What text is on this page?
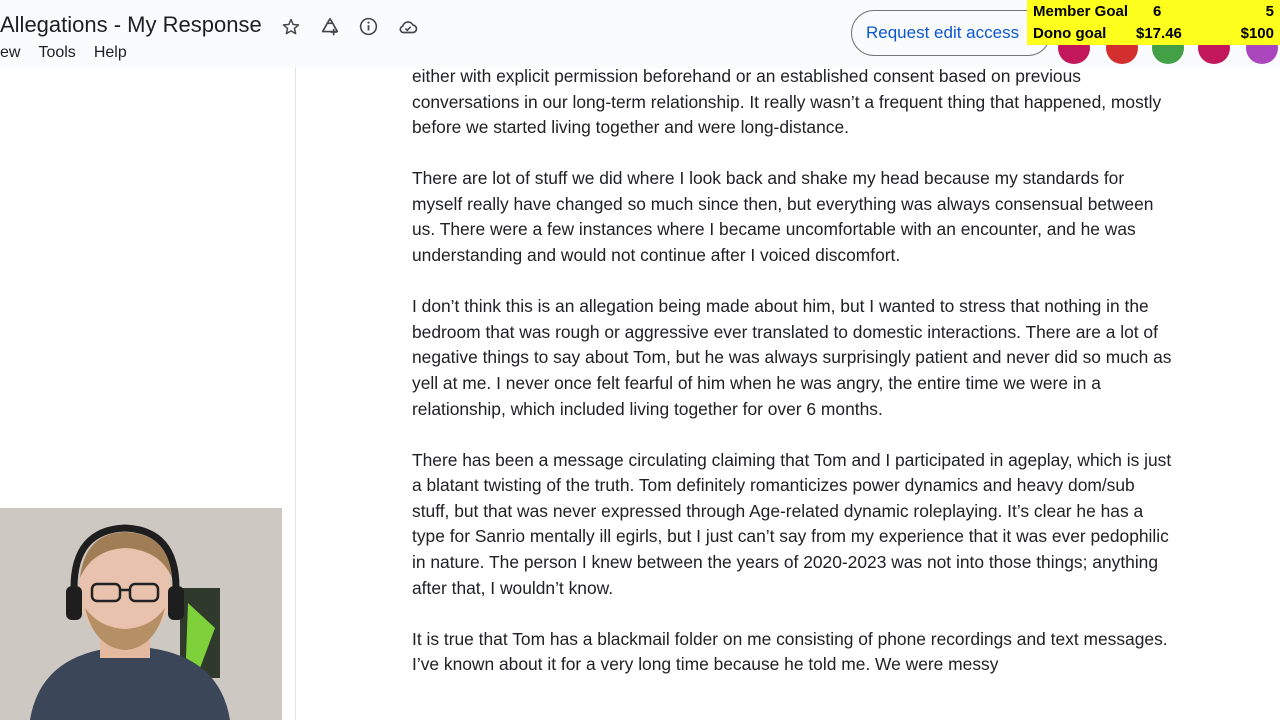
Allegations - My Response
ew Tools Help
Request edit access
Member Goal 6	5
Dono goal $17.46	$100

either with explicit permission beforehand or an established consent based on previous conversations in our long-term relationship. It really wasn’t a frequent thing that happened, mostly before we started living together and were long-distance.

There are lot of stuff we did where I look back and shake my head because my standards for myself really have changed so much since then, but everything was always consensual between us. There were a few instances where I became uncomfortable with an encounter, and he was understanding and would not continue after I voiced discomfort.

I don’t think this is an allegation being made about him, but I wanted to stress that nothing in the bedroom that was rough or aggressive ever translated to domestic interactions. There are a lot of negative things to say about Tom, but he was always surprisingly patient and never did so much as yell at me. I never once felt fearful of him when he was angry, the entire time we were in a relationship, which included living together for over 6 months.

There has been a message circulating claiming that Tom and I participated in ageplay, which is just a blatant twisting of the truth. Tom definitely romanticizes power dynamics and heavy dom/sub stuff, but that was never expressed through Age-related dynamic roleplaying. It’s clear he has a type for Sanrio mentally ill egirls, but I just can’t say from my experience that it was ever pedophilic in nature. The person I knew between the years of 2020-2023 was not into those things; anything after that, I wouldn’t know.

It is true that Tom has a blackmail folder on me consisting of phone recordings and text messages. I’ve known about it for a very long time because he told me. We were messy
